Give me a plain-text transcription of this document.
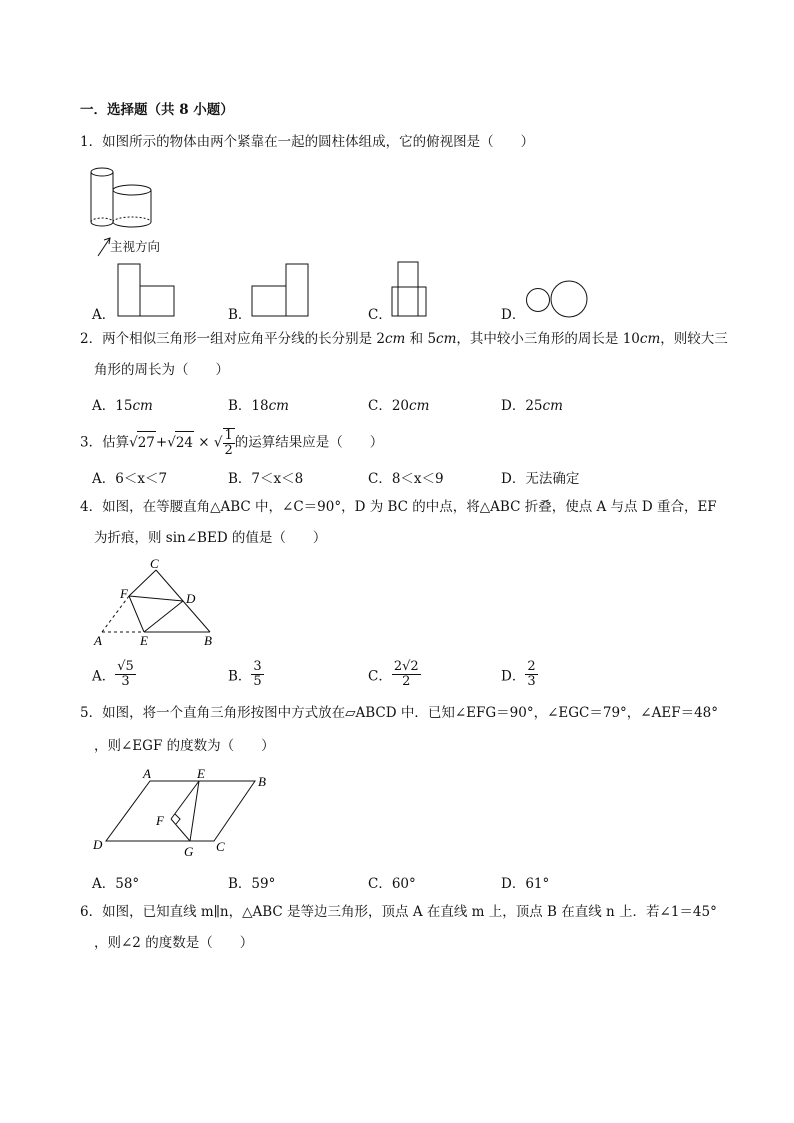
一．选择题（共 8 小题）
1．如图所示的物体由两个紧靠在一起的圆柱体组成，它的俯视图是（　　）
主视方向
A．	B．	C．	D．
2．两个相似三角形一组对应角平分线的长分别是 2cm 和 5cm，其中较小三角形的周长是 10cm，则较大三
角形的周长为（　　）
A．15cm	B．18cm	C．20cm	D．25cm
3．估算√27+√24 × √ $\frac{1}{2}$ 的运算结果应是（　　）
A．6＜x＜7	B．7＜x＜8	C．8＜x＜9	D．无法确定
4．如图，在等腰直角△ABC 中，∠C＝90°，D 为 BC 的中点，将△ABC 折叠，使点 A 与点 D 重合，EF
为折痕，则 sin∠BED 的值是（　　）
C
F	D
A	E	B
A． $\frac{√5}{3}$	B． $\frac{3}{5}$	C． $\frac{2√2}{2}$	D． $\frac{2}{3}$
5．如图，将一个直角三角形按图中方式放在▱ABCD 中．已知∠EFG＝90°，∠EGC＝79°，∠AEF＝48°
，则∠EGF 的度数为（　　）
A	E
B
F
D	G C
A．58°	B．59°	C．60°	D．61°
6．如图，已知直线 m∥n，△ABC 是等边三角形，顶点 A 在直线 m 上，顶点 B 在直线 n 上．若∠1＝45°
，则∠2 的度数是（　　）
